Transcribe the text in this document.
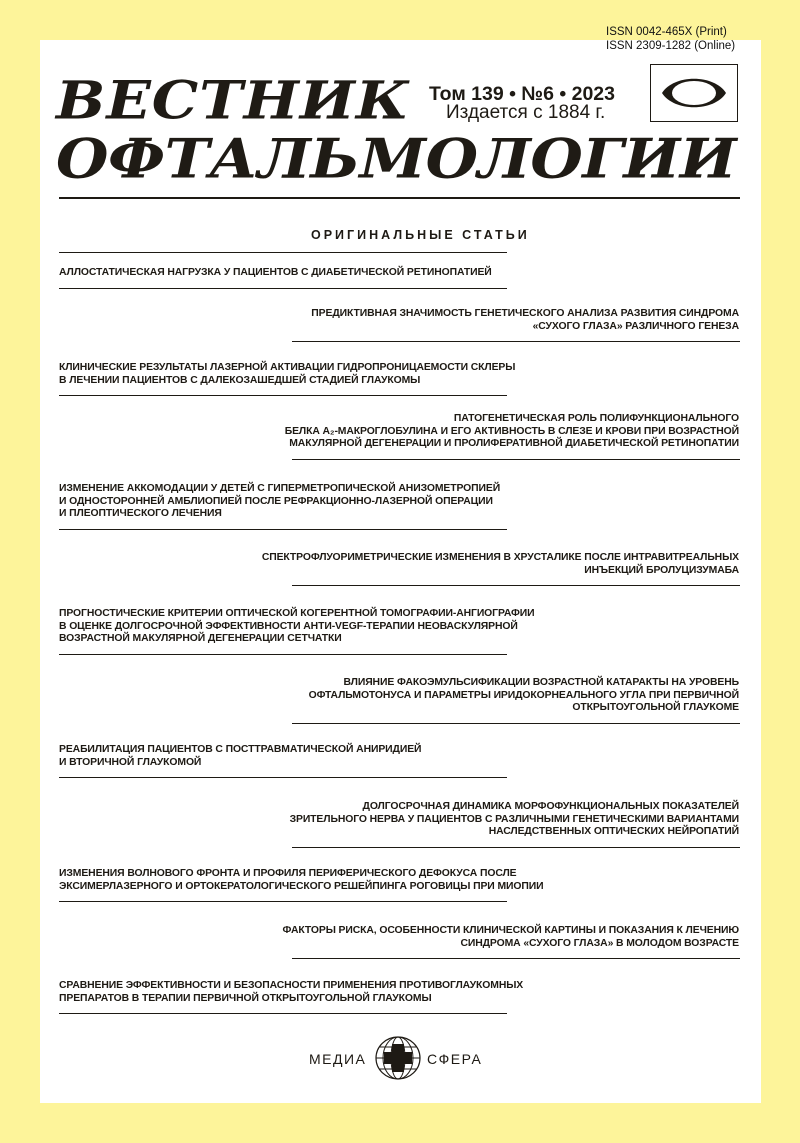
ISSN 0042-465X (Print)
ISSN 2309-1282 (Online)
ВЕСТНИК
ОФТАЛЬМОЛОГИИ
Том 139 • №6 • 2023
Издается с 1884 г.
ОРИГИНАЛЬНЫЕ СТАТЬИ
АЛЛОСТАТИЧЕСКАЯ НАГРУЗКА У ПАЦИЕНТОВ С ДИАБЕТИЧЕСКОЙ РЕТИНОПАТИЕЙ
ПРЕДИКТИВНАЯ ЗНАЧИМОСТЬ ГЕНЕТИЧЕСКОГО АНАЛИЗА РАЗВИТИЯ СИНДРОМА
«СУХОГО ГЛАЗА» РАЗЛИЧНОГО ГЕНЕЗА
КЛИНИЧЕСКИЕ РЕЗУЛЬТАТЫ ЛАЗЕРНОЙ АКТИВАЦИИ ГИДРОПРОНИЦАЕМОСТИ СКЛЕРЫ
В ЛЕЧЕНИИ ПАЦИЕНТОВ С ДАЛЕКОЗАШЕДШЕЙ СТАДИЕЙ ГЛАУКОМЫ
ПАТОГЕНЕТИЧЕСКАЯ РОЛЬ ПОЛИФУНКЦИОНАЛЬНОГО
БЕЛКА А₂-МАКРОГЛОБУЛИНА И ЕГО АКТИВНОСТЬ В СЛЕЗЕ И КРОВИ ПРИ ВОЗРАСТНОЙ
МАКУЛЯРНОЙ ДЕГЕНЕРАЦИИ И ПРОЛИФЕРАТИВНОЙ ДИАБЕТИЧЕСКОЙ РЕТИНОПАТИИ
ИЗМЕНЕНИЕ АККОМОДАЦИИ У ДЕТЕЙ С ГИПЕРМЕТРОПИЧЕСКОЙ АНИЗОМЕТРОПИЕЙ
И ОДНОСТОРОННЕЙ АМБЛИОПИЕЙ ПОСЛЕ РЕФРАКЦИОННО-ЛАЗЕРНОЙ ОПЕРАЦИИ
И ПЛЕОПТИЧЕСКОГО ЛЕЧЕНИЯ
СПЕКТРОФЛУОРИМЕТРИЧЕСКИЕ ИЗМЕНЕНИЯ В ХРУСТАЛИКЕ ПОСЛЕ ИНТРАВИТРЕАЛЬНЫХ
ИНЪЕКЦИЙ БРОЛУЦИЗУМАБА
ПРОГНОСТИЧЕСКИЕ КРИТЕРИИ ОПТИЧЕСКОЙ КОГЕРЕНТНОЙ ТОМОГРАФИИ-АНГИОГРАФИИ
В ОЦЕНКЕ ДОЛГОСРОЧНОЙ ЭФФЕКТИВНОСТИ АНТИ-VEGF-ТЕРАПИИ НЕОВАСКУЛЯРНОЙ
ВОЗРАСТНОЙ МАКУЛЯРНОЙ ДЕГЕНЕРАЦИИ СЕТЧАТКИ
ВЛИЯНИЕ ФАКОЭМУЛЬСИФИКАЦИИ ВОЗРАСТНОЙ КАТАРАКТЫ НА УРОВЕНЬ
ОФТАЛЬМОТОНУСА И ПАРАМЕТРЫ ИРИДОКОРНЕАЛЬНОГО УГЛА ПРИ ПЕРВИЧНОЙ
ОТКРЫТОУГОЛЬНОЙ ГЛАУКОМЕ
РЕАБИЛИТАЦИЯ ПАЦИЕНТОВ С ПОСТТРАВМАТИЧЕСКОЙ АНИРИДИЕЙ
И ВТОРИЧНОЙ ГЛАУКОМОЙ
ДОЛГОСРОЧНАЯ ДИНАМИКА МОРФОФУНКЦИОНАЛЬНЫХ ПОКАЗАТЕЛЕЙ
ЗРИТЕЛЬНОГО НЕРВА У ПАЦИЕНТОВ С РАЗЛИЧНЫМИ ГЕНЕТИЧЕСКИМИ ВАРИАНТАМИ
НАСЛЕДСТВЕННЫХ ОПТИЧЕСКИХ НЕЙРОПАТИЙ
ИЗМЕНЕНИЯ ВОЛНОВОГО ФРОНТА И ПРОФИЛЯ ПЕРИФЕРИЧЕСКОГО ДЕФОКУСА ПОСЛЕ
ЭКСИМЕРЛАЗЕРНОГО И ОРТОКЕРАТОЛОГИЧЕСКОГО РЕШЕЙПИНГА РОГОВИЦЫ ПРИ МИОПИИ
ФАКТОРЫ РИСКА, ОСОБЕННОСТИ КЛИНИЧЕСКОЙ КАРТИНЫ И ПОКАЗАНИЯ К ЛЕЧЕНИЮ
СИНДРОМА «СУХОГО ГЛАЗА» В МОЛОДОМ ВОЗРАСТЕ
СРАВНЕНИЕ ЭФФЕКТИВНОСТИ И БЕЗОПАСНОСТИ ПРИМЕНЕНИЯ ПРОТИВОГЛАУКОМНЫХ
ПРЕПАРАТОВ В ТЕРАПИИ ПЕРВИЧНОЙ ОТКРЫТОУГОЛЬНОЙ ГЛАУКОМЫ
МЕДИА	СФЕРА
